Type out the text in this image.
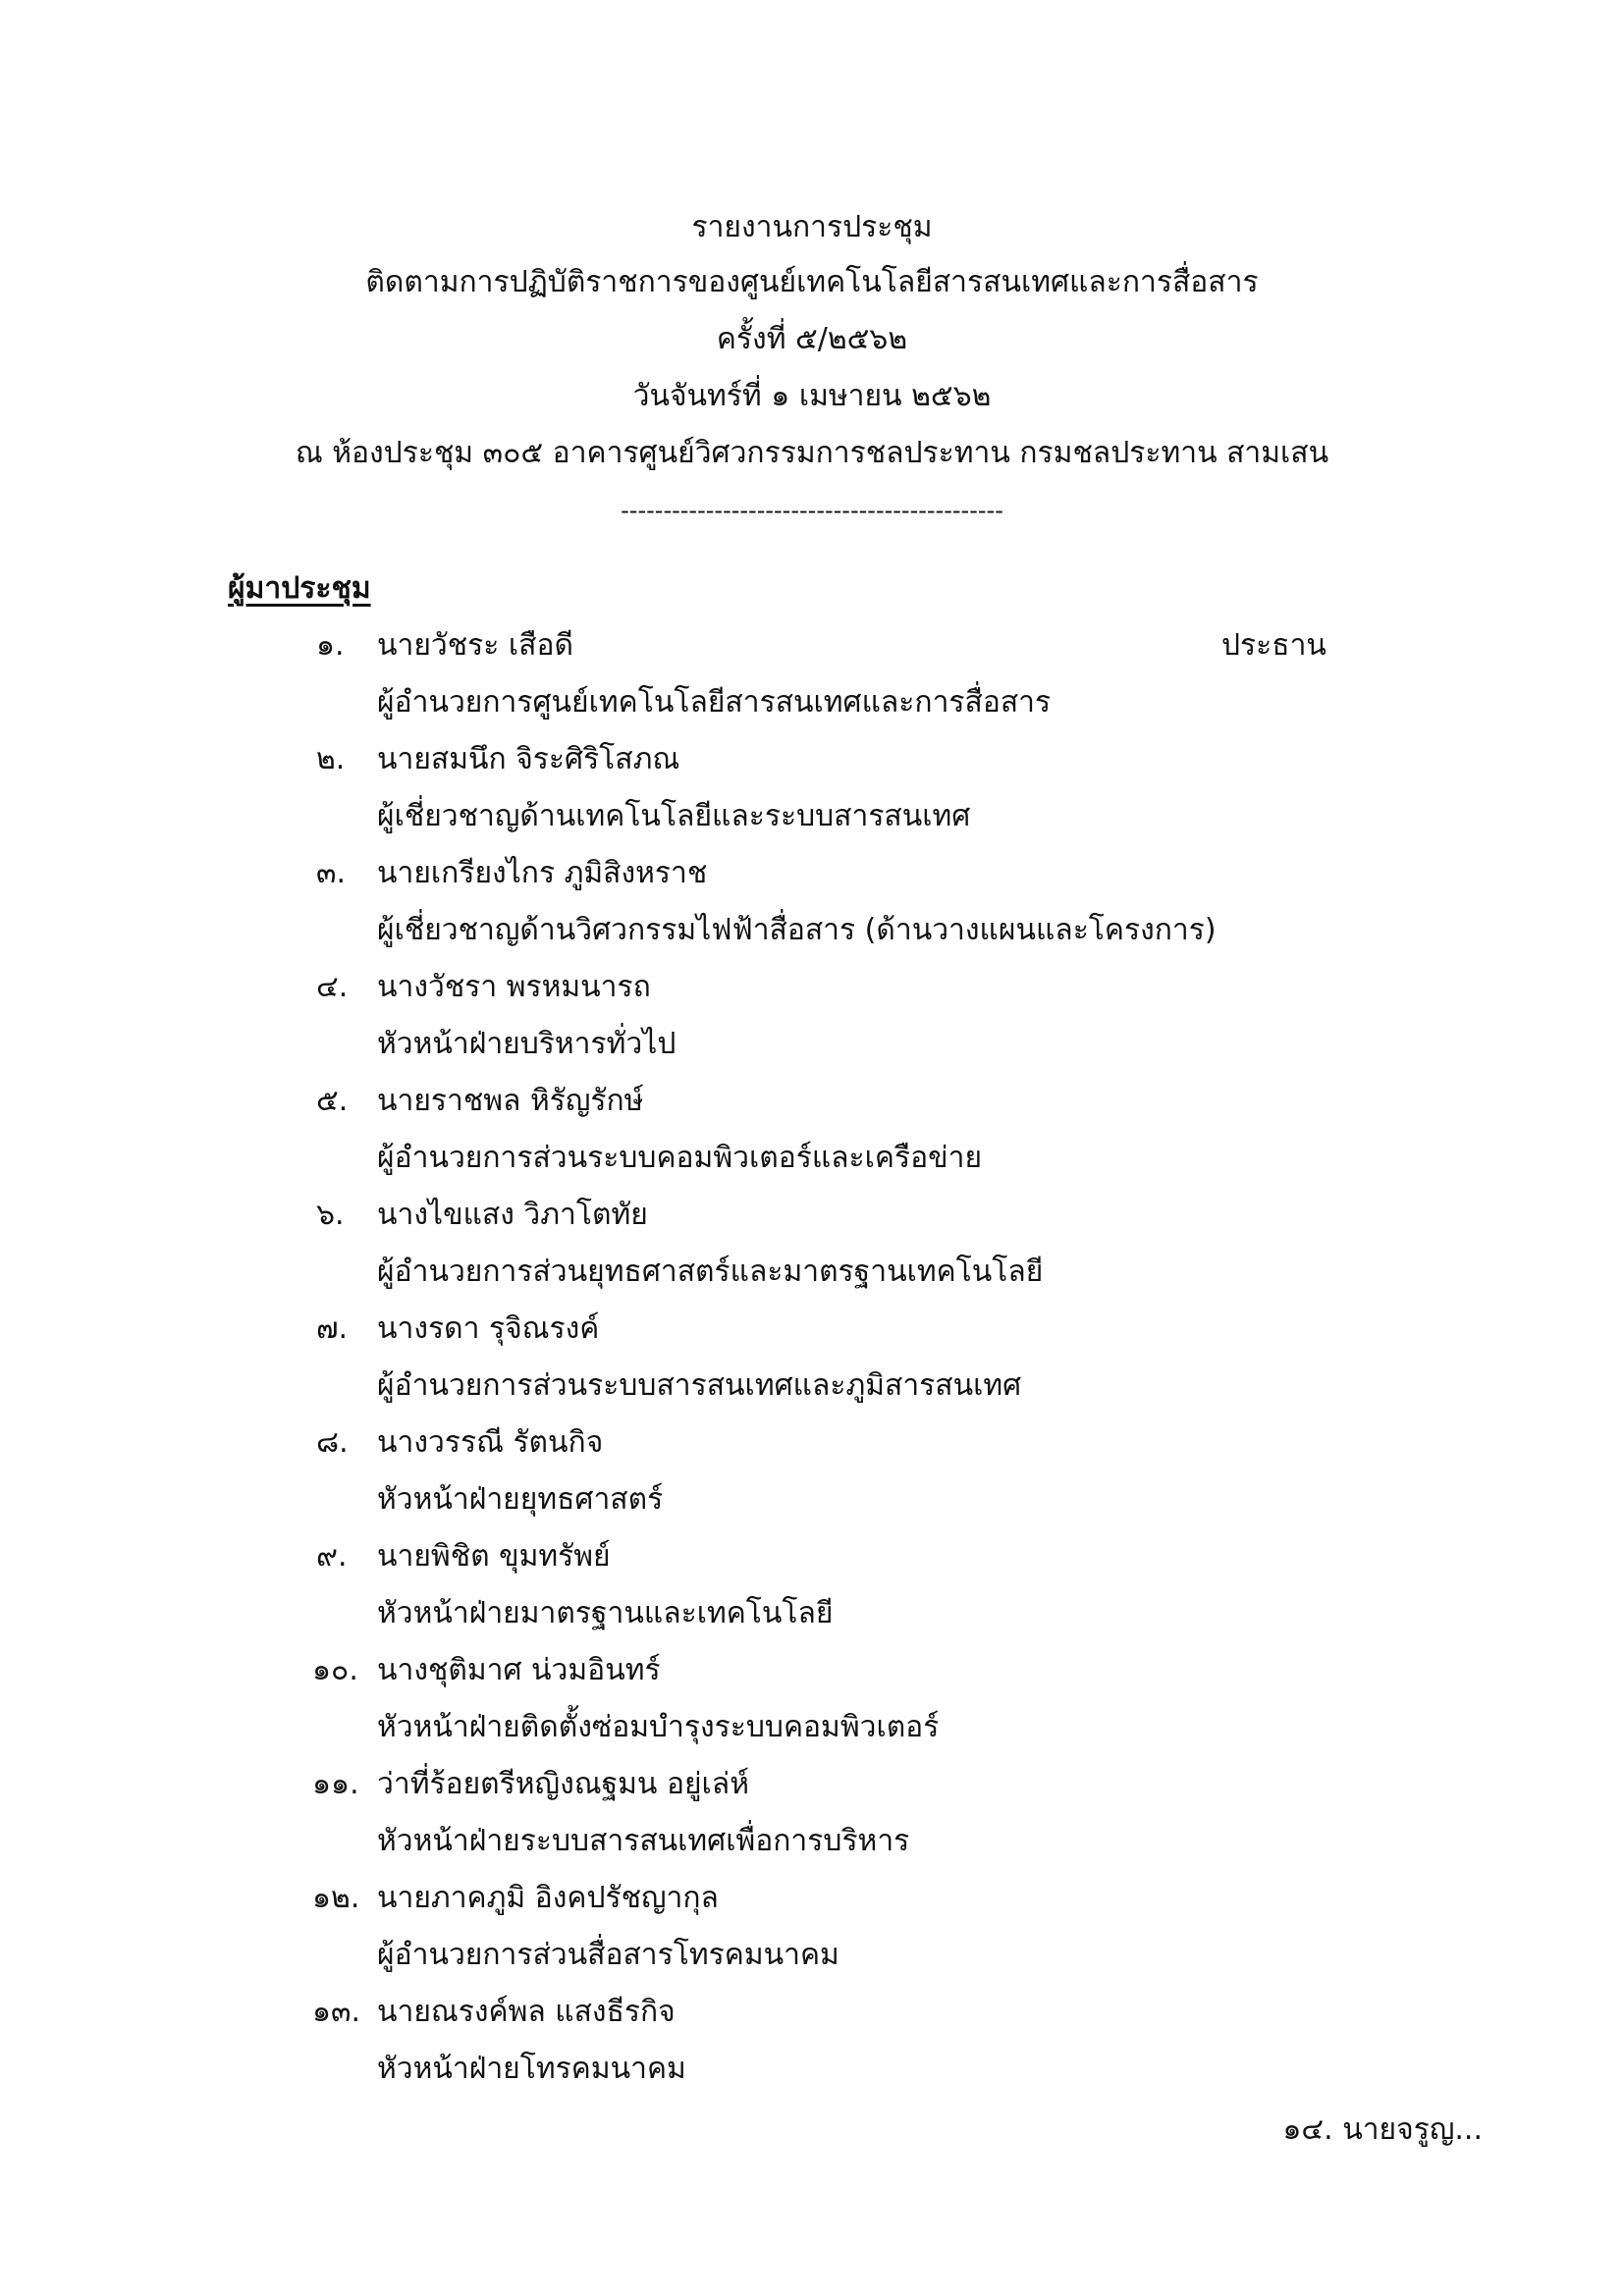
รายงานการประชุม
ติดตามการปฏิบัติราชการของศูนย์เทคโนโลยีสารสนเทศและการสื่อสาร
ครั้งที่ ๕/๒๕๖๒
วันจันทร์ที่ ๑ เมษายน ๒๕๖๒
ณ ห้องประชุม ๓๐๕ อาคารศูนย์วิศวกรรมการชลประทาน กรมชลประทาน สามเสน
---------------------------------------------
ผู้มาประชุม
๑. นายวัชระ เสือดี	ประธาน
ผู้อำนวยการศูนย์เทคโนโลยีสารสนเทศและการสื่อสาร
๒. นายสมนึก จิระศิริโสภณ
ผู้เชี่ยวชาญด้านเทคโนโลยีและระบบสารสนเทศ
๓. นายเกรียงไกร ภูมิสิงหราช
ผู้เชี่ยวชาญด้านวิศวกรรมไฟฟ้าสื่อสาร (ด้านวางแผนและโครงการ)
๔. นางวัชรา พรหมนารถ
หัวหน้าฝ่ายบริหารทั่วไป
๕. นายราชพล หิรัญรักษ์
ผู้อำนวยการส่วนระบบคอมพิวเตอร์และเครือข่าย
๖. นางไขแสง วิภาโตทัย
ผู้อำนวยการส่วนยุทธศาสตร์และมาตรฐานเทคโนโลยี
๗. นางรดา รุจิณรงค์
ผู้อำนวยการส่วนระบบสารสนเทศและภูมิสารสนเทศ
๘. นางวรรณี รัตนกิจ
หัวหน้าฝ่ายยุทธศาสตร์
๙. นายพิชิต ขุมทรัพย์
หัวหน้าฝ่ายมาตรฐานและเทคโนโลยี
๑๐. นางชุติมาศ น่วมอินทร์
หัวหน้าฝ่ายติดตั้งซ่อมบำรุงระบบคอมพิวเตอร์
๑๑. ว่าที่ร้อยตรีหญิงณฐมน อยู่เล่ห์
หัวหน้าฝ่ายระบบสารสนเทศเพื่อการบริหาร
๑๒. นายภาคภูมิ อิงคปรัชญากุล
ผู้อำนวยการส่วนสื่อสารโทรคมนาคม
๑๓. นายณรงค์พล แสงธีรกิจ
หัวหน้าฝ่ายโทรคมนาคม
๑๔. นายจรูญ...
